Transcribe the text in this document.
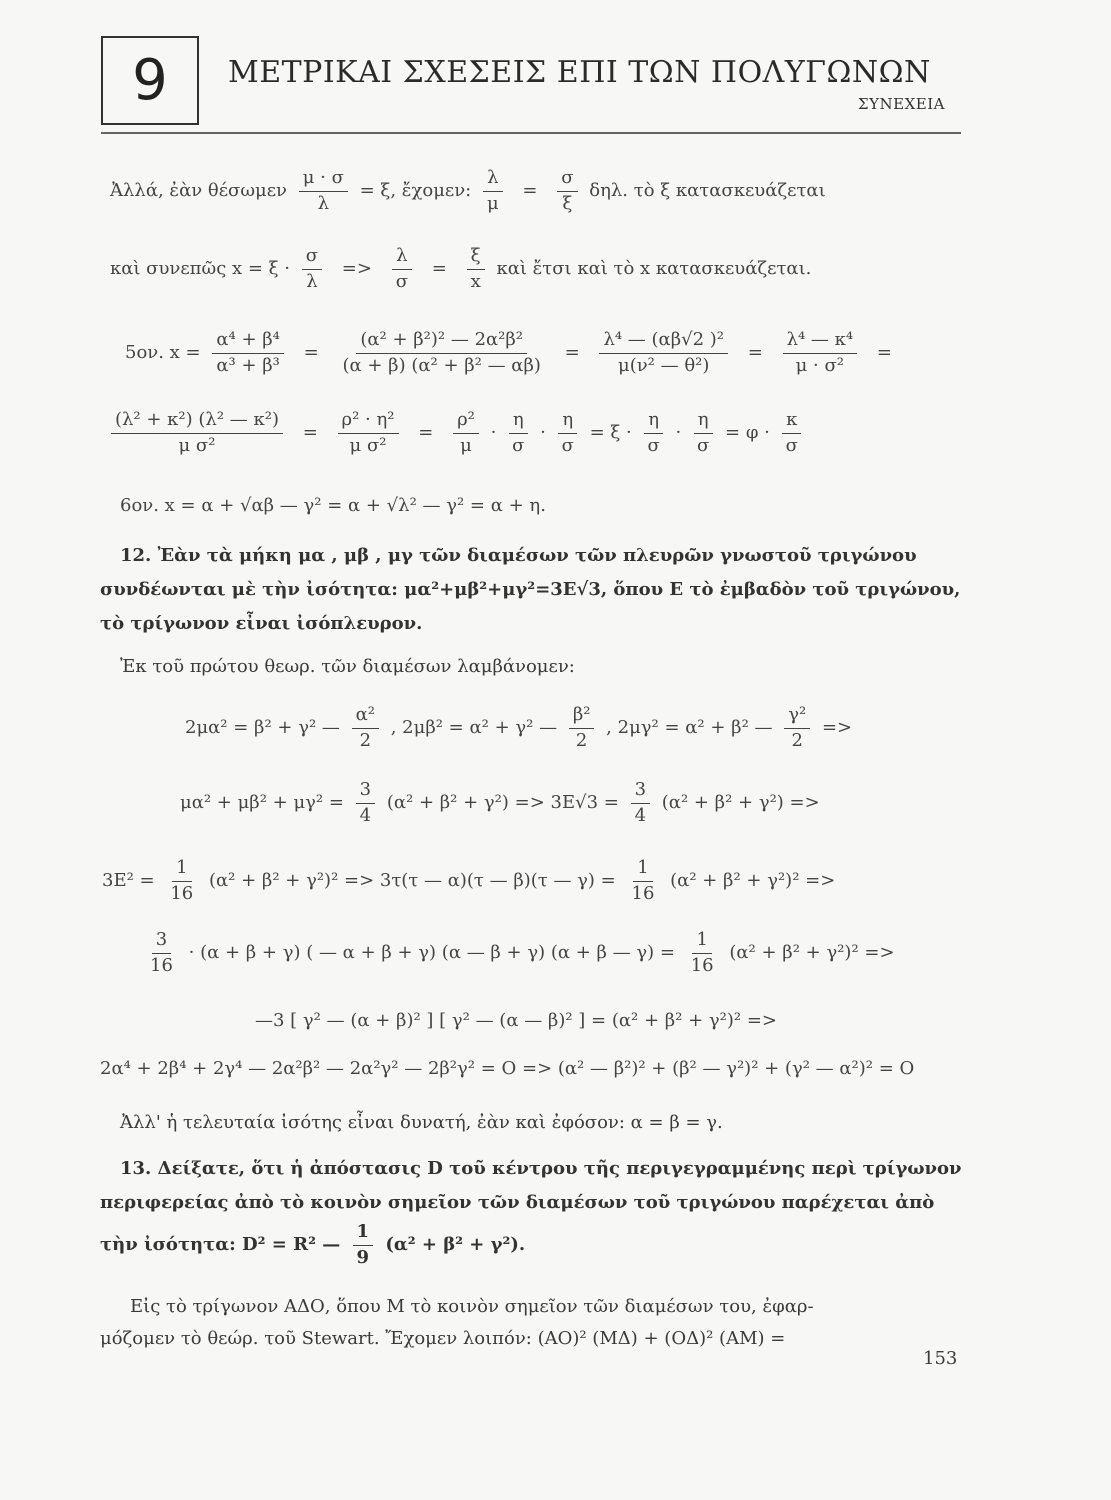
9	ΜΕΤΡΙΚΑΙ ΣΧΕΣΕΙΣ ΕΠΙ ΤΩΝ ΠΟΛΥΓΩΝΩΝ
ΣΥΝΕΧΕΙΑ
Ἀλλά, ἐὰν θέσωμεν $\frac{\mu \cdot \sigma}{\lambda} = \xi$, ἔχομεν: $\frac{\lambda}{\mu} = \frac{\sigma}{\xi} \delta\eta\lambda$. τὸ ξ κατασκευάζεται
καὶ συνεπῶς $x = \xi \cdot \frac{\sigma}{\lambda} => \frac{\lambda}{\sigma} = \frac{\xi}{x}$ καὶ ἔτσι καὶ τὸ x κατασκευάζεται.
5ον. $x = \frac{\text{α⁴ + β⁴}}{\text{α³ + β³}} = \frac{\text{(α² + β²)² — 2α²β²}}{\text{(α + β) (α² + β² — αβ)}} = \frac{\text{λ⁴ — (αβ√2 )²}}{\text{μ(ν² — θ²)}} = \frac{\text{λ⁴ — κ⁴}}{\text{μ · σ²}}$ =
$\frac{\text{(λ² + κ²) (λ² — κ²)}}{\text{μ σ²}} = \frac{\text{ρ² · η²}}{\text{μ σ²}} = \frac{\text{ρ²}}{\mu} \cdot \frac{\eta}{\sigma} \cdot \frac{\eta}{\sigma} = \xi \cdot \frac{\eta}{\sigma} \cdot \frac{\eta}{\sigma} = \varphi \cdot \frac{\kappa}{\sigma}$
6ον. x = α + √αβ — γ² = α + √λ² — γ² = α + η.
12. Ἐὰν τὰ μήκη μα , μβ , μγ τῶν διαμέσων τῶν πλευρῶν γνωστοῦ τριγώνου
συνδέωνται μὲ τὴν ἰσότητα: μα²+μβ²+μγ²=3Ε√3, ὅπου Ε τὸ ἐμβαδὸν τοῦ τριγώνου,
τὸ τρίγωνον εἶναι ἰσόπλευρον.
Ἐκ τοῦ πρώτου θεωρ. τῶν διαμέσων λαμβάνομεν:
2μα² = β² + γ² — $\frac{\text{α²}}{2}$ , 2μβ² = α² + γ² — $\frac{\text{β²}}{2}$ , 2μγ² = α² + β² — $\frac{\text{γ²}}{2}$ =>
$\mu\alpha^2 + \mu\beta^2 + \mu\gamma^2 = \frac{3}{4} (\alpha^2 + \beta^2 + \gamma^2) => 3E√3 = \frac{3}{4} (\alpha^2 + \beta^2 + \gamma^2)$ =>
$3E^2 = \frac{1}{16} (\alpha^2 + \beta^2 + \gamma^2)^2 => 3\tau(\tau$ — α)(τ — β)(τ — $\gamma) = \frac{1}{16} (\alpha^2 + \beta^2 + \gamma^2)^2$ =>
$\frac{3}{16} \cdot (\alpha + \beta + \gamma)$ ( — α + β + γ) (α — β + γ) (α + β — $\gamma) = \frac{1}{16} (\alpha^2 + \beta^2 + \gamma^2)^2$ =>
—3 [ γ² — (α + β)² ] [ γ² — (α — β)² ] = (α² + β² + γ²)² =>
2α⁴ + 2β⁴ + 2γ⁴ — 2α²β² — 2α²γ² — 2β²γ² = Ο => (α² — β²)² + (β² — γ²)² + (γ² — α²)² = Ο
Ἀλλ' ἡ τελευταία ἰσότης εἶναι δυνατή, ἐὰν καὶ ἐφόσον: α = β = γ.
13. Δείξατε, ὅτι ἡ ἀπόστασις D τοῦ κέντρου τῆς περιγεγραμμένης περὶ τρίγωνον
περιφερείας ἀπὸ τὸ κοινὸν σημεῖον τῶν διαμέσων τοῦ τριγώνου παρέχεται ἀπὸ
τὴν ἰσότητα: D² = R² — $\frac{1}{9} (\alpha^2 + \beta^2 + \gamma^2)$.
Εἰς τὸ τρίγωνον ΑΔΟ, ὅπου Μ τὸ κοινὸν σημεῖον τῶν διαμέσων του, ἐφαρ-
μόζομεν τὸ θεώρ. τοῦ Stewart. Ἔχομεν λοιπόν: (ΑΟ)² (ΜΔ) + (ΟΔ)² (ΑΜ) =
153
